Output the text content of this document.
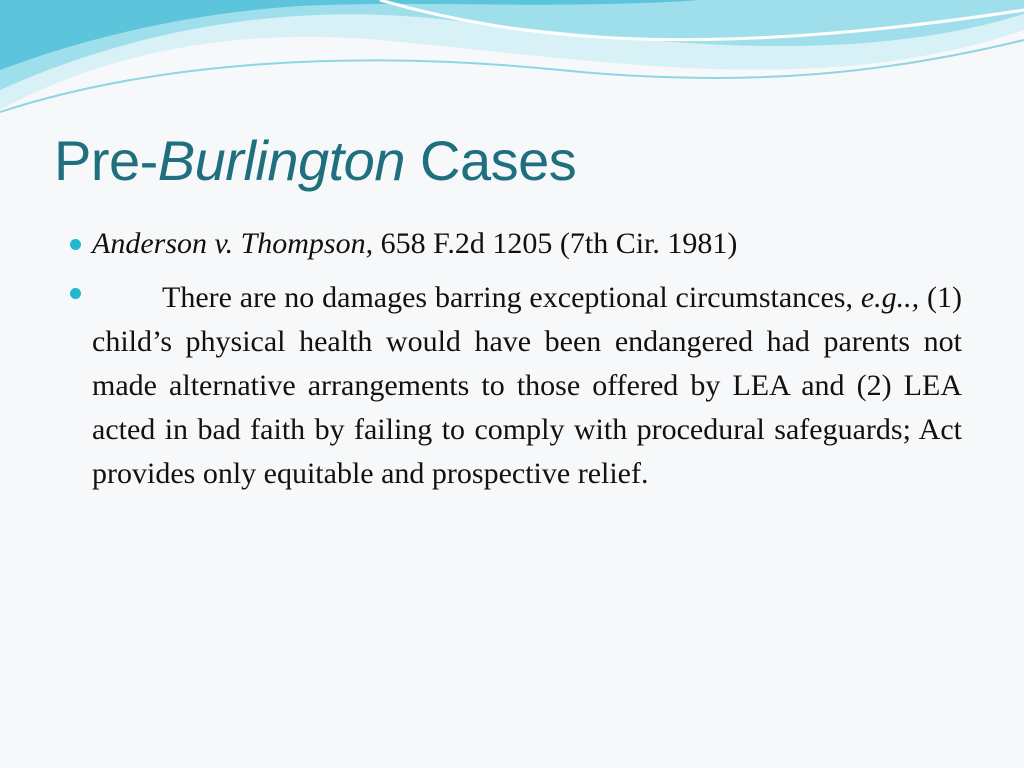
Pre-Burlington Cases
Anderson v. Thompson, 658 F.2d 1205 (7th Cir. 1981)
There are no damages barring exceptional circumstances, e.g.., (1) child’s physical health would have been endangered had parents not made alternative arrangements to those offered by LEA and (2) LEA acted in bad faith by failing to comply with procedural safeguards; Act provides only equitable and prospective relief.
